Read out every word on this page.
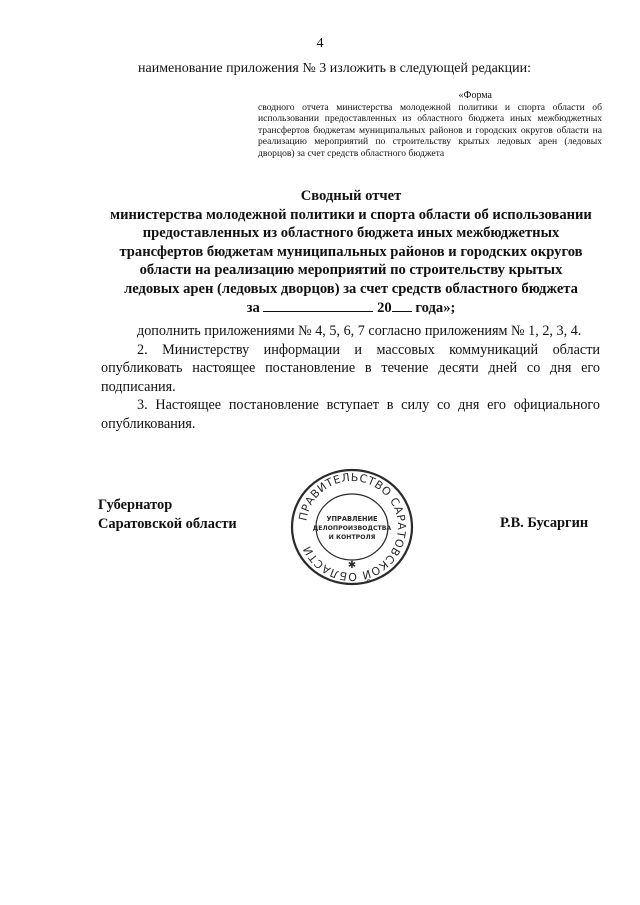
4
наименование приложения № 3 изложить в следующей редакции:
«Форма
сводного отчета министерства молодежной политики и спорта области об использовании предоставленных из областного бюджета иных межбюджетных трансфертов бюджетам муниципальных районов и городских округов области на реализацию мероприятий по строительству крытых ледовых арен (ледовых дворцов) за счет средств областного бюджета
Сводный отчет
министерства молодежной политики и спорта области об использовании
предоставленных из областного бюджета иных межбюджетных
трансфертов бюджетам муниципальных районов и городских округов
области на реализацию мероприятий по строительству крытых
ледовых арен (ледовых дворцов) за счет средств областного бюджета
за	20 года»;

дополнить приложениями № 4, 5, 6, 7 согласно приложениям № 1, 2, 3, 4.

2. Министерству информации и массовых коммуникаций области опубликовать настоящее постановление в течение десяти дней со дня его подписания.

3. Настоящее постановление вступает в силу со дня его официального опубликования.

Губернатор
Саратовской области	Р.В. Бусаргин
ПРАВИТЕЛЬСТВО САРАТОВСКОЙ ОБЛАСТИ
УПРАВЛЕНИЕ
ДЕЛОПРОИЗВОДСТВА
И КОНТРОЛЯ
✱
